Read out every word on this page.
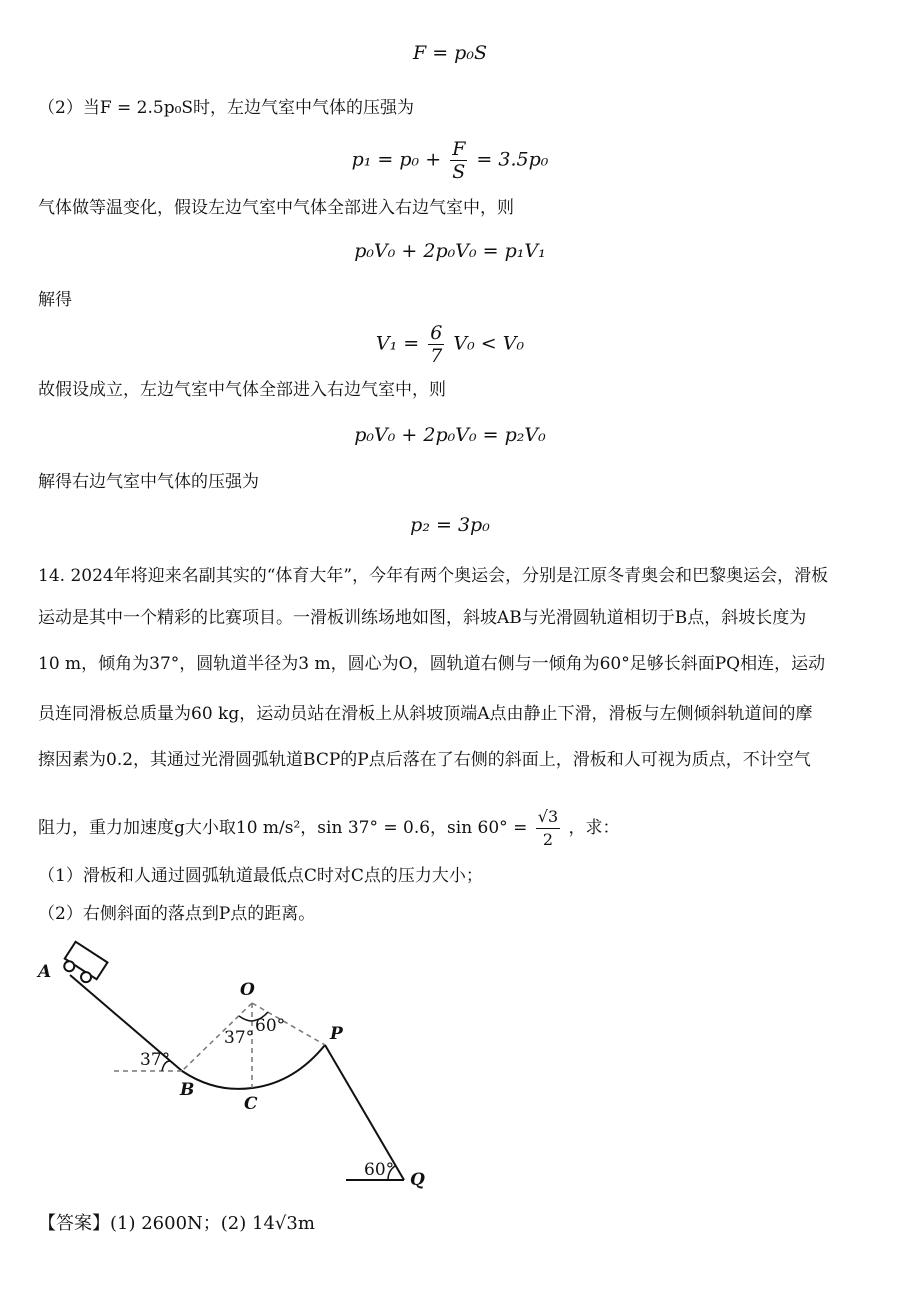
F = p₀S
（2）当F = 2.5p₀S时，左边气室中气体的压强为
$p_1 = p_0 + \frac{F}{S} = 3.5p_0$
气体做等温变化，假设左边气室中气体全部进入右边气室中，则
p₀V₀ + 2p₀V₀ = p₁V₁
解得
$V_1 = \frac{6}{7} V_0 < V_0$
故假设成立，左边气室中气体全部进入右边气室中，则
p₀V₀ + 2p₀V₀ = p₂V₀
解得右边气室中气体的压强为
p₂ = 3p₀
14. 2024年将迎来名副其实的“体育大年”，今年有两个奥运会，分别是江原冬青奥会和巴黎奥运会，滑板
运动是其中一个精彩的比赛项目。一滑板训练场地如图，斜坡AB与光滑圆轨道相切于B点，斜坡长度为
10 m，倾角为37°，圆轨道半径为3 m，圆心为O，圆轨道右侧与一倾角为60°足够长斜面PQ相连，运动
员连同滑板总质量为60 kg，运动员站在滑板上从斜坡顶端A点由静止下滑，滑板与左侧倾斜轨道间的摩
擦因素为0.2，其通过光滑圆弧轨道BCP的P点后落在了右侧的斜面上，滑板和人可视为质点，不计空气
阻力，重力加速度g大小取10 m/s²，sin 37° = 0.6，$\sin 60^\circ = \frac{√3}{2}$ ，求：
（1）滑板和人通过圆弧轨道最低点C时对C点的压力大小；
（2）右侧斜面的落点到P点的距离。
A
O
B
C
P
Q
37°
37°
60°
60°
【答案】(1) 2600N；(2) 14√3m
